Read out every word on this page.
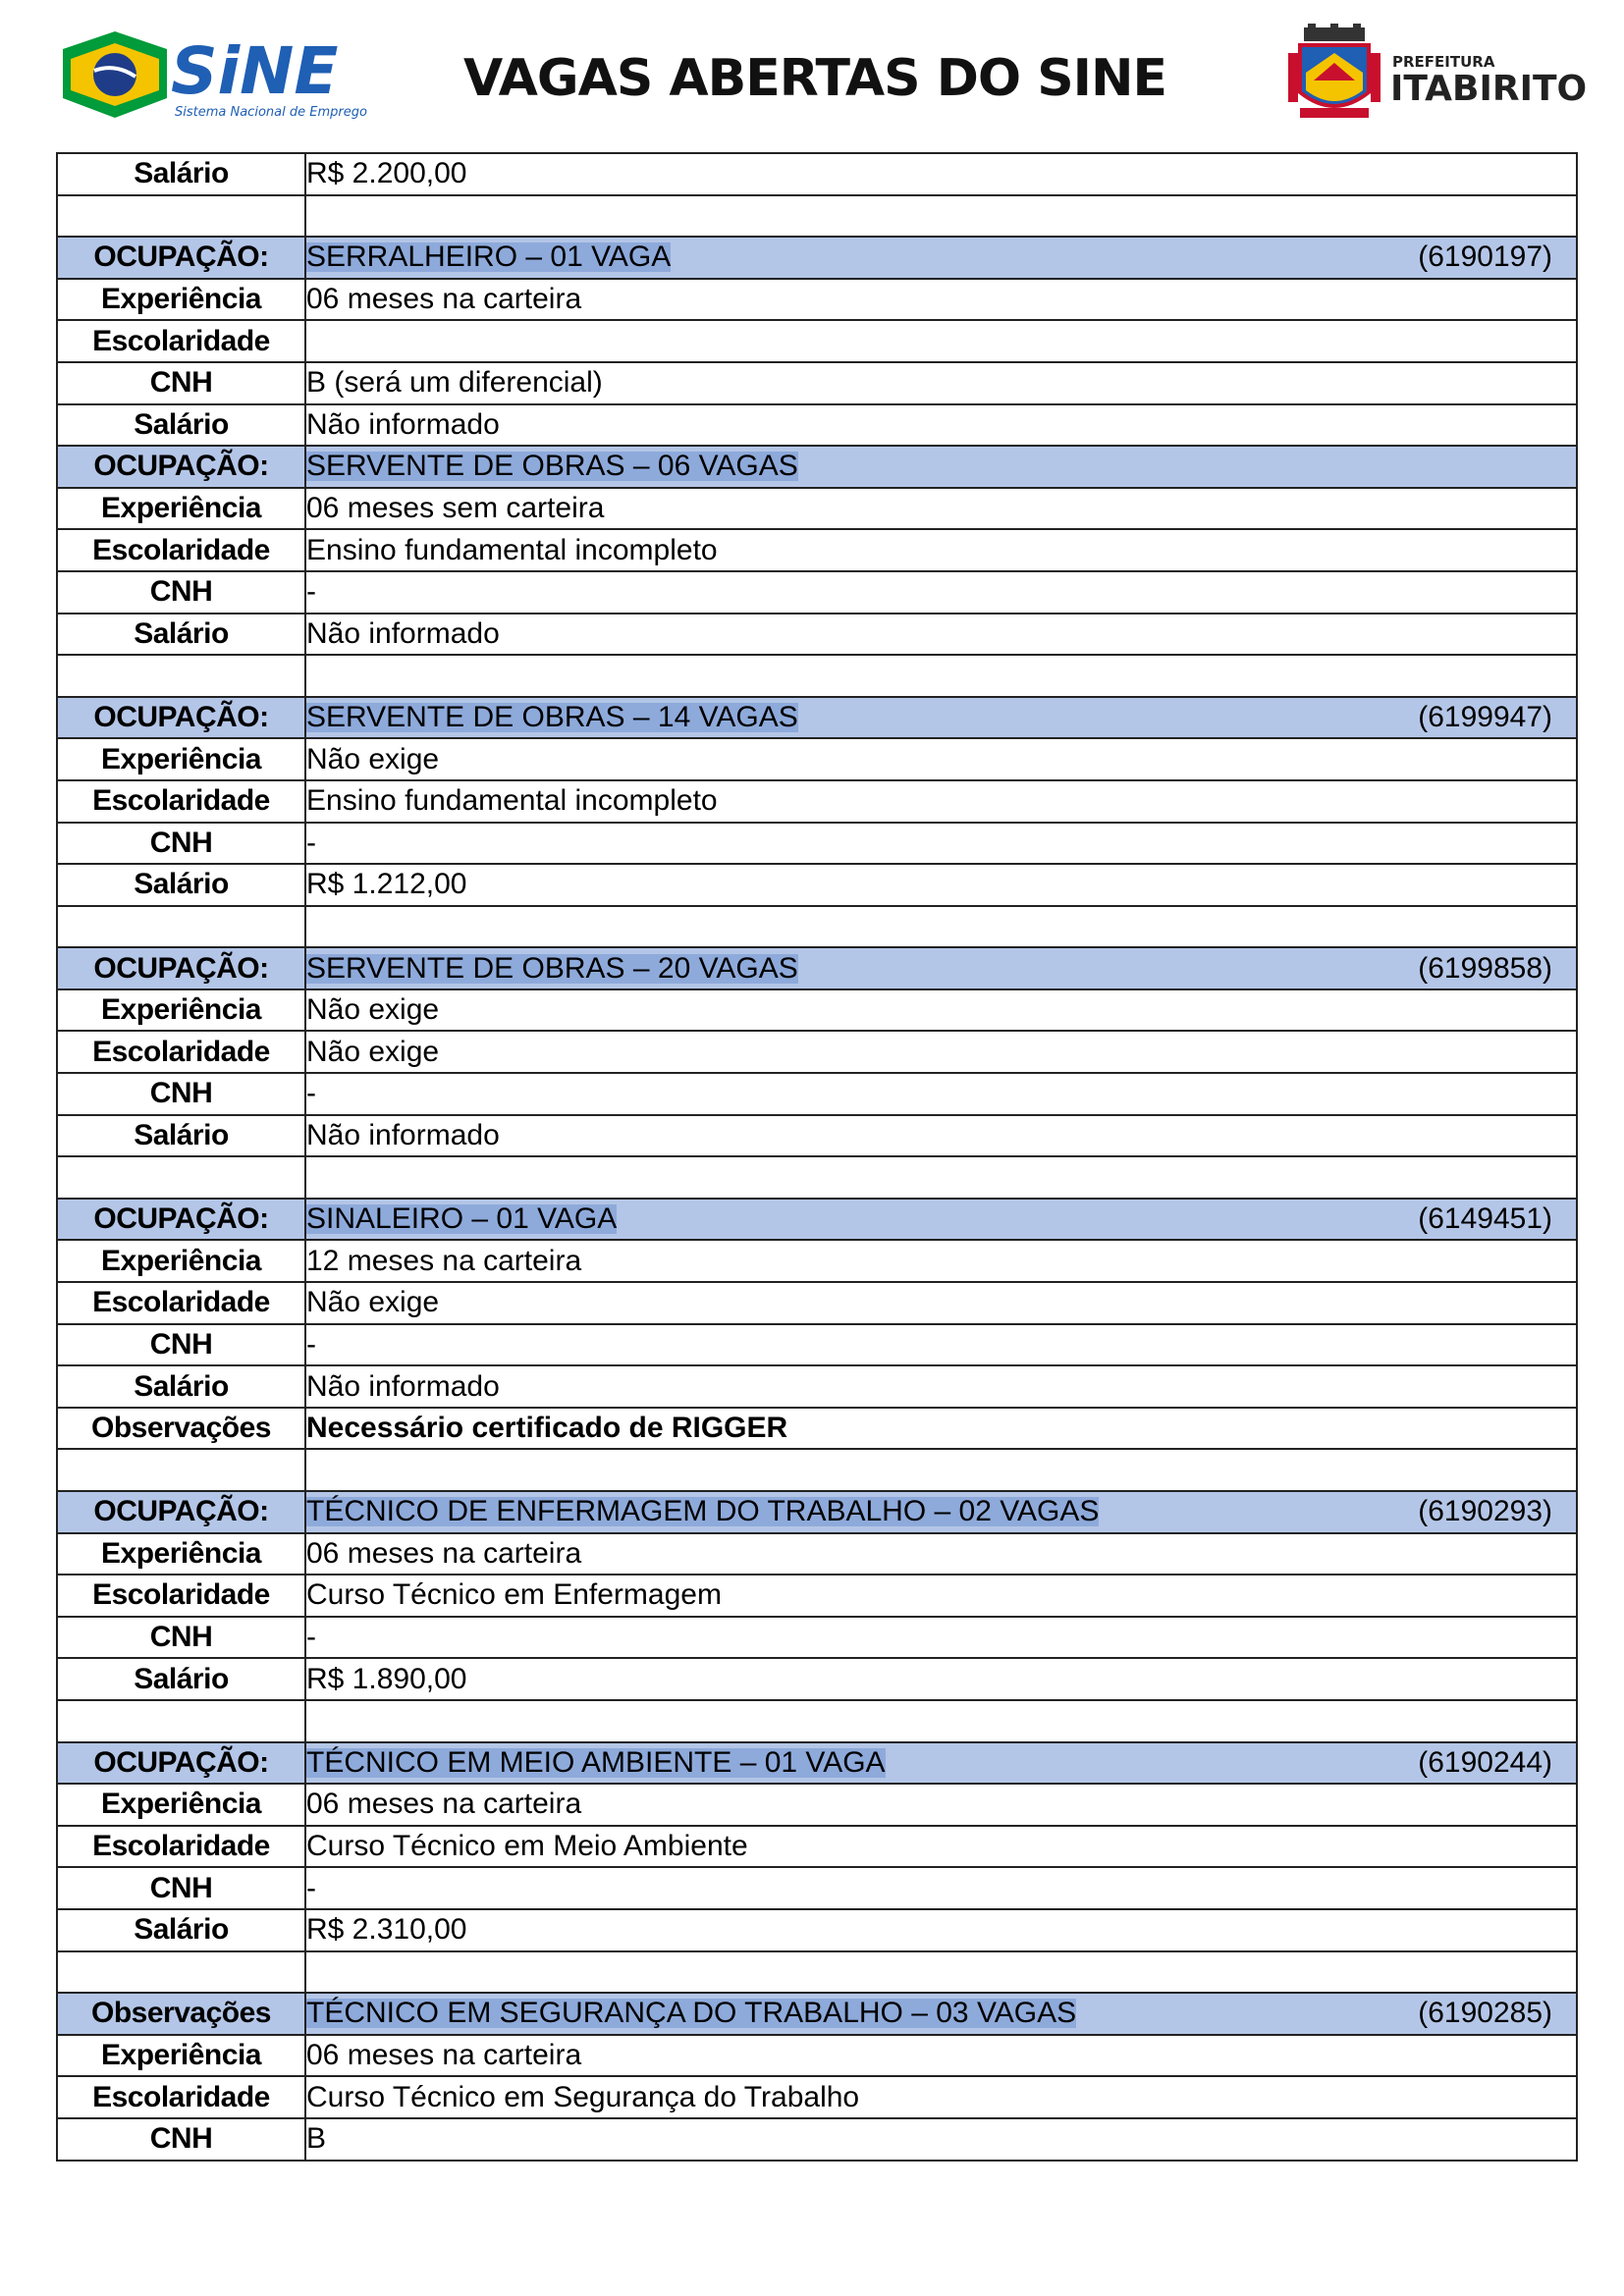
SiNE
Sistema Nacional de Emprego
VAGAS ABERTAS DO SINE	PREFEITURA
ITABIRITO
Salário	R$ 2.200,00

OCUPAÇÃO:	SERRALHEIRO – 01 VAGA (6190197)

Experiência	06 meses na carteira
Escolaridade	
CNH	B (será um diferencial)
Salário	Não informado
OCUPAÇÃO:	SERVENTE DE OBRAS – 06 VAGAS

Experiência	06 meses sem carteira
Escolaridade	Ensino fundamental incompleto
CNH	-
Salário	Não informado

OCUPAÇÃO:	SERVENTE DE OBRAS – 14 VAGAS (6199947)

Experiência	Não exige
Escolaridade	Ensino fundamental incompleto
CNH	-
Salário	R$ 1.212,00

OCUPAÇÃO:	SERVENTE DE OBRAS – 20 VAGAS (6199858)

Experiência	Não exige
Escolaridade	Não exige
CNH	-
Salário	Não informado

OCUPAÇÃO:	SINALEIRO – 01 VAGA (6149451)

Experiência	12 meses na carteira
Escolaridade	Não exige
CNH	-
Salário	Não informado
Observações	Necessário certificado de RIGGER

OCUPAÇÃO:	TÉCNICO DE ENFERMAGEM DO TRABALHO – 02 VAGAS (6190293)

Experiência	06 meses na carteira
Escolaridade	Curso Técnico em Enfermagem
CNH	-
Salário	R$ 1.890,00

OCUPAÇÃO:	TÉCNICO EM MEIO AMBIENTE – 01 VAGA (6190244)

Experiência	06 meses na carteira
Escolaridade	Curso Técnico em Meio Ambiente
CNH	-
Salário	R$ 2.310,00

Observações	TÉCNICO EM SEGURANÇA DO TRABALHO – 03 VAGAS (6190285)

Experiência	06 meses na carteira
Escolaridade	Curso Técnico em Segurança do Trabalho
CNH	B
